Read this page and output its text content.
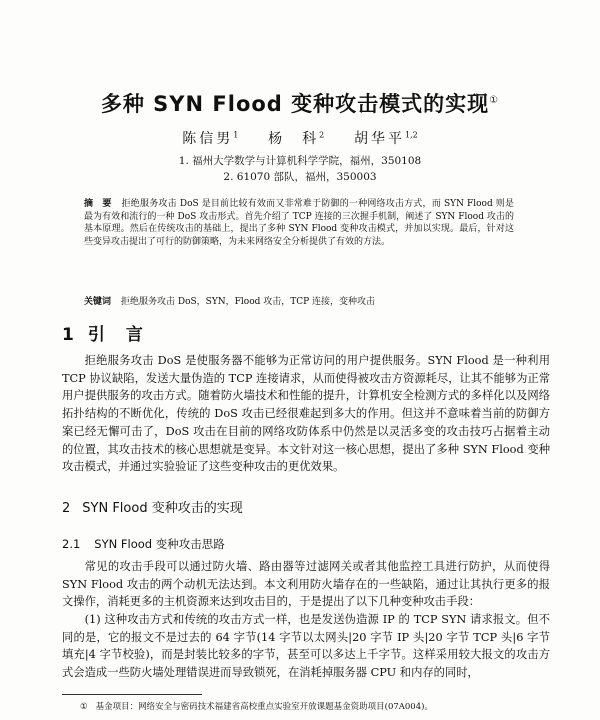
多种 SYN Flood 变种攻击模式的实现①
陈信男$^1$ 杨　科$^2$ 胡华平$^{1,2}$
1. 福州大学数学与计算机科学学院，福州，350108
2. 61070 部队，福州，350003
摘　要 拒绝服务攻击 DoS 是目前比较有效而又非常难于防御的一种网络攻击方式，而 SYN Flood 则是最为有效和流行的一种 DoS 攻击形式。首先介绍了 TCP 连接的三次握手机制，阐述了 SYN Flood 攻击的基本原理。然后在传统攻击的基础上，提出了多种 SYN Flood 变种攻击模式，并加以实现。最后，针对这些变异攻击提出了可行的防御策略，为未来网络安全分析提供了有效的方法。
关键词 拒绝服务攻击 DoS，SYN，Flood 攻击，TCP 连接，变种攻击
1 引　言
拒绝服务攻击 DoS 是使服务器不能够为正常访问的用户提供服务。SYN Flood 是一种利用 TCP 协议缺陷，发送大量伪造的 TCP 连接请求，从而使得被攻击方资源耗尽，让其不能够为正常用户提供服务的攻击方式。随着防火墙技术和性能的提升，计算机安全检测方式的多样化以及网络拓扑结构的不断优化，传统的 DoS 攻击已经很难起到多大的作用。但这并不意味着当前的防御方案已经无懈可击了，DoS 攻击在目前的网络攻防体系中仍然是以灵活多变的攻击技巧占据着主动的位置，其攻击技术的核心思想就是变异。本文针对这一核心思想，提出了多种 SYN Flood 变种攻击模式，并通过实验验证了这些变种攻击的更优效果。
2 SYN Flood 变种攻击的实现
2.1 SYN Flood 变种攻击思路
常见的攻击手段可以通过防火墙、路由器等过滤网关或者其他监控工具进行防护，从而使得 SYN Flood 攻击的两个动机无法达到。本文利用防火墙存在的一些缺陷，通过让其执行更多的报文操作，消耗更多的主机资源来达到攻击目的，于是提出了以下几种变种攻击手段：
(1) 这种攻击方式和传统的攻击方式一样，也是发送伪造源 IP 的 TCP SYN 请求报文。但不同的是，它的报文不是过去的 64 字节(14 字节以太网头|20 字节 IP 头|20 字节 TCP 头|6 字节填充|4 字节校验)，而是封装比较多的字节，甚至可以多达上千字节。这样采用较大报文的攻击方式会造成一些防火墙处理错误进而导致锁死，在消耗掉服务器 CPU 和内存的同时，
① 基金项目：网络安全与密码技术福建省高校重点实验室开放课题基金资助项目(07A004)。
